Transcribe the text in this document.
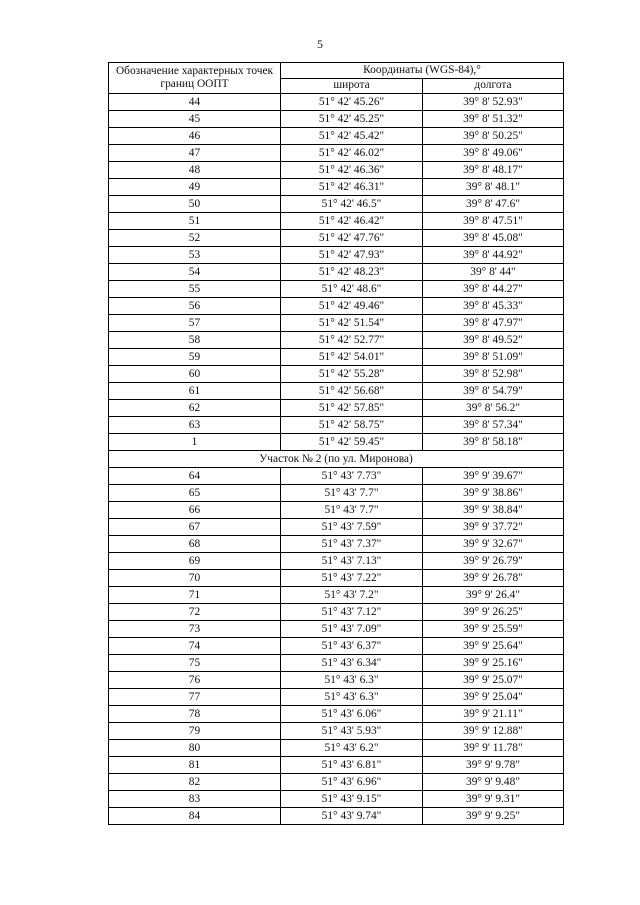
5
Обозначение характерных точек границ ООПТ	Координаты (WGS-84),°	
	широта	долгота
44	51° 42' 45.26"	39° 8' 52.93"
45	51° 42' 45.25"	39° 8' 51.32"
46	51° 42' 45.42"	39° 8' 50.25"
47	51° 42' 46.02"	39° 8' 49.06"
48	51° 42' 46.36"	39° 8' 48.17"
49	51° 42' 46.31"	39° 8' 48.1"
50	51° 42' 46.5"	39° 8' 47.6"
51	51° 42' 46.42"	39° 8' 47.51"
52	51° 42' 47.76"	39° 8' 45.08"
53	51° 42' 47.93"	39° 8' 44.92"
54	51° 42' 48.23"	39° 8' 44"
55	51° 42' 48.6"	39° 8' 44.27"
56	51° 42' 49.46"	39° 8' 45.33"
57	51° 42' 51.54"	39° 8' 47.97"
58	51° 42' 52.77"	39° 8' 49.52"
59	51° 42' 54.01"	39° 8' 51.09"
60	51° 42' 55.28"	39° 8' 52.98"
61	51° 42' 56.68"	39° 8' 54.79"
62	51° 42' 57.85"	39° 8' 56.2"
63	51° 42' 58.75"	39° 8' 57.34"
1	51° 42' 59.45"	39° 8' 58.18"
Участок № 2 (по ул. Миронова)		
64	51° 43' 7.73"	39° 9' 39.67"
65	51° 43' 7.7"	39° 9' 38.86"
66	51° 43' 7.7"	39° 9' 38.84"
67	51° 43' 7.59"	39° 9' 37.72"
68	51° 43' 7.37"	39° 9' 32.67"
69	51° 43' 7.13"	39° 9' 26.79"
70	51° 43' 7.22"	39° 9' 26.78"
71	51° 43' 7.2"	39° 9' 26.4"
72	51° 43' 7.12"	39° 9' 26.25"
73	51° 43' 7.09"	39° 9' 25.59"
74	51° 43' 6.37"	39° 9' 25.64"
75	51° 43' 6.34"	39° 9' 25.16"
76	51° 43' 6.3"	39° 9' 25.07"
77	51° 43' 6.3"	39° 9' 25.04"
78	51° 43' 6.06"	39° 9' 21.11"
79	51° 43' 5.93"	39° 9' 12.88"
80	51° 43' 6.2"	39° 9' 11.78"
81	51° 43' 6.81"	39° 9' 9.78"
82	51° 43' 6.96"	39° 9' 9.48"
83	51° 43' 9.15"	39° 9' 9.31"
84	51° 43' 9.74"	39° 9' 9.25"
